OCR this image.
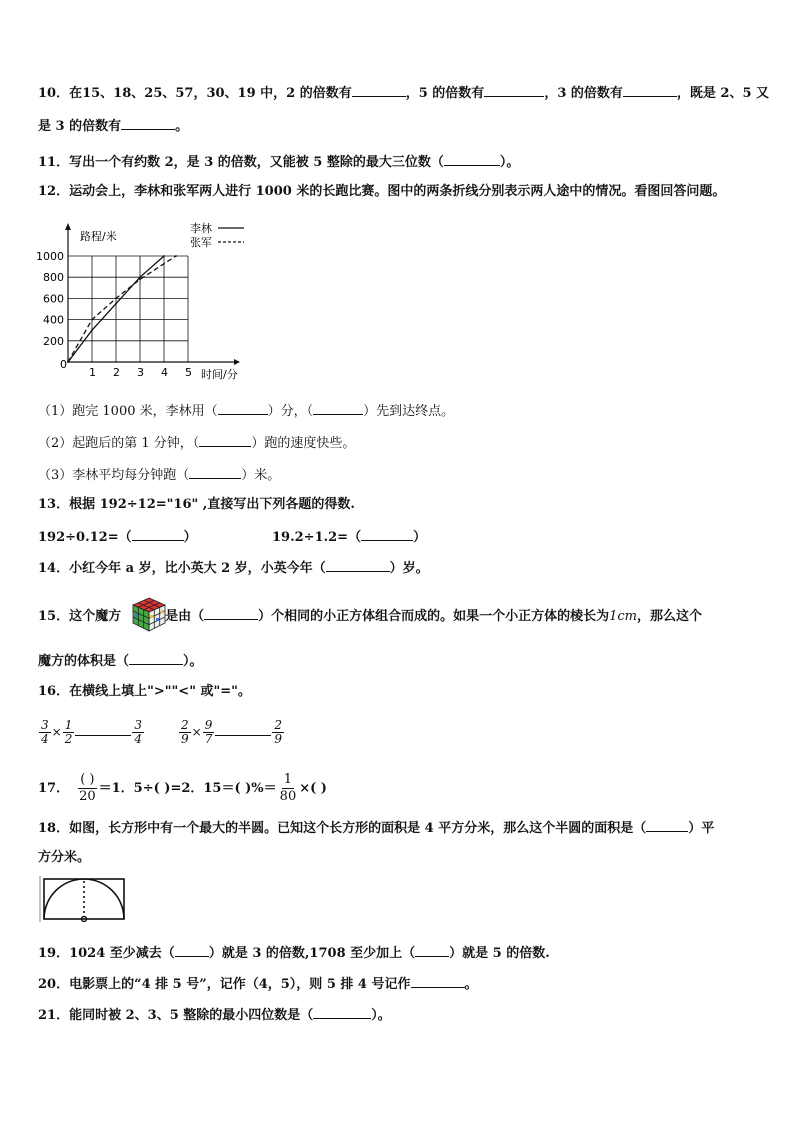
10．在15、18、25、57，30、19 中，2 的倍数有	，5 的倍数有	，3 的倍数有	，既是 2、5 又
是 3 的倍数有	。
11．写出一个有约数 2，是 3 的倍数，又能被 5 整除的最大三位数（	）。
12．运动会上，李林和张军两人进行 1000 米的长跑比赛。图中的两条折线分别表示两人途中的情况。看图回答问题。
路程/米
时间/分
0
1 2 3 4 5
200
400
600
800
1000
李林
张军
（1）跑完 1000 米，李林用（	）分，（	）先到达终点。
（2）起跑后的第 1 分钟，（	）跑的速度快些。
（3）李林平均每分钟跑（	）米。
13．根据 192÷12="16" ,直接写出下列各题的得数.
192÷0.12=（	）	19.2÷1.2=（	）
14．小红今年 a 岁，比小英大 2 岁，小英今年（	）岁。
15．这个魔方	是由（	）个相同的小正方体组合而成的。如果一个小正方体的棱长为1cm，那么这个
魔方的体积是（	）。
16．在横线上填上">""<" 或"="。
$\frac{3}{4} \times \frac{1}{2}$	$\frac{3}{4}$	$\frac{2}{9} \times \frac{9}{7}$	$\frac{2}{9}$
17． $\frac{( )}{20} =1$．5÷( )=2．15＝( )%＝ $\frac{1}{80}$ ×( )
18．如图，长方形中有一个最大的半圆。已知这个长方形的面积是 4 平方分米，那么这个半圆的面积是（	）平
方分米。
19．1024 至少减去（	）就是 3 的倍数,1708 至少加上（	）就是 5 的倍数.
20．电影票上的“4 排 5 号”，记作（4，5），则 5 排 4 号记作	。
21．能同时被 2、3、5 整除的最小四位数是（	）。
